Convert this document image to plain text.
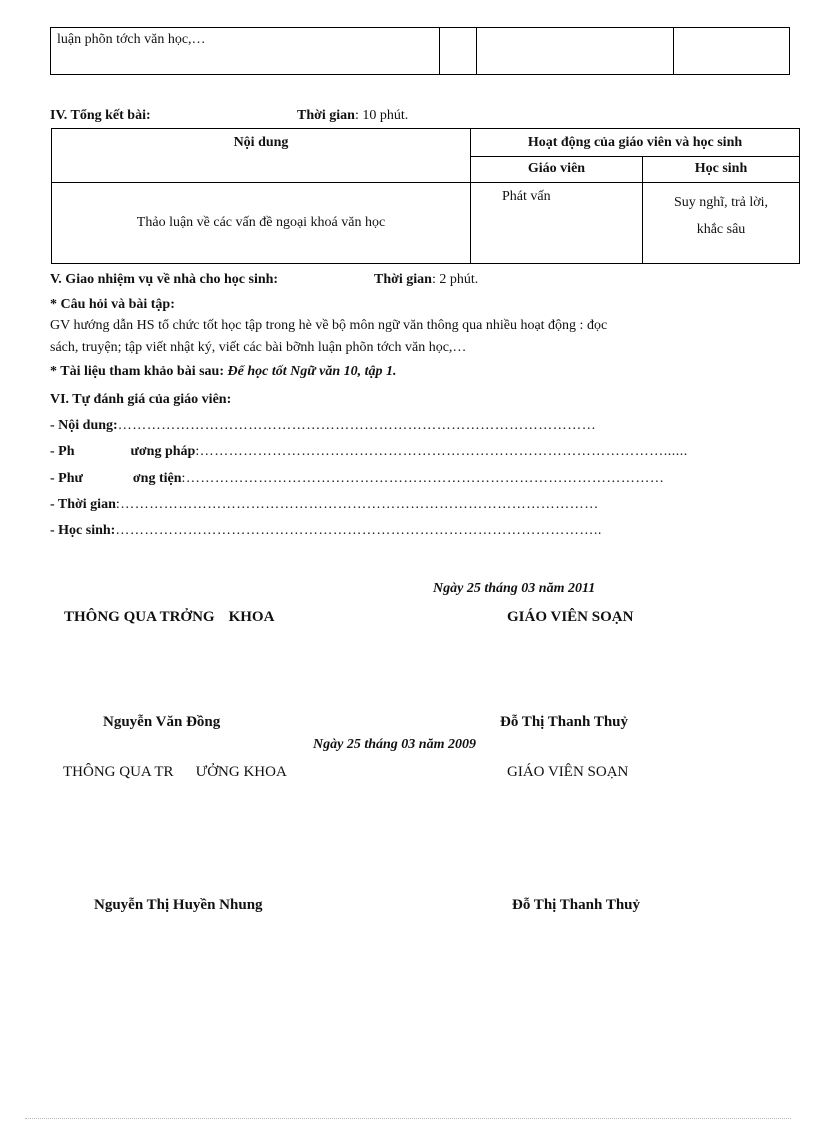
luận phõn tớch văn học,…			
IV. Tổng kết bài:	Thời gian: 10 phút.
Nội dung	Hoạt động của giáo viên và học sinh	
	Giáo viên	Học sinh
Thảo luận về các vấn đề ngoại khoá văn học	Phát vấn	Suy nghĩ, trả lời,
khắc sâu
V. Giao nhiệm vụ về nhà cho học sinh:	Thời gian: 2 phút.
* Câu hỏi và bài tập:
GV hướng dẫn HS tổ chức tốt học tập trong hè về bộ môn ngữ văn thông qua nhiều hoạt động : đọc
sách, truyện; tập viết nhật ký, viết các bài bỡnh luận phõn tớch văn học,…
* Tài liệu tham khảo bài sau: Để học tốt Ngữ văn 10, tập 1.
VI. Tự đánh giá của giáo viên:
- Nội dung:………………………………………………………………………………………
- Ph	ương pháp:……………………………………………………………………………………......
- Phư	ơng tiện:………………………………………………………………………………………
- Thời gian:………………………………………………………………………………………
- Học sinh:………………………………………………………………………………………..
Ngày 25 tháng 03 năm 2011
THÔNG QUA TRỞNG KHOA	GIÁO VIÊN SOẠN
Nguyễn Văn Đồng	Đỗ Thị Thanh Thuỷ
Ngày 25 tháng 03 năm 2009
THÔNG QUA TR ƯỞNG KHOA	GIÁO VIÊN SOẠN
Nguyễn Thị Huyền Nhung	Đỗ Thị Thanh Thuỷ
